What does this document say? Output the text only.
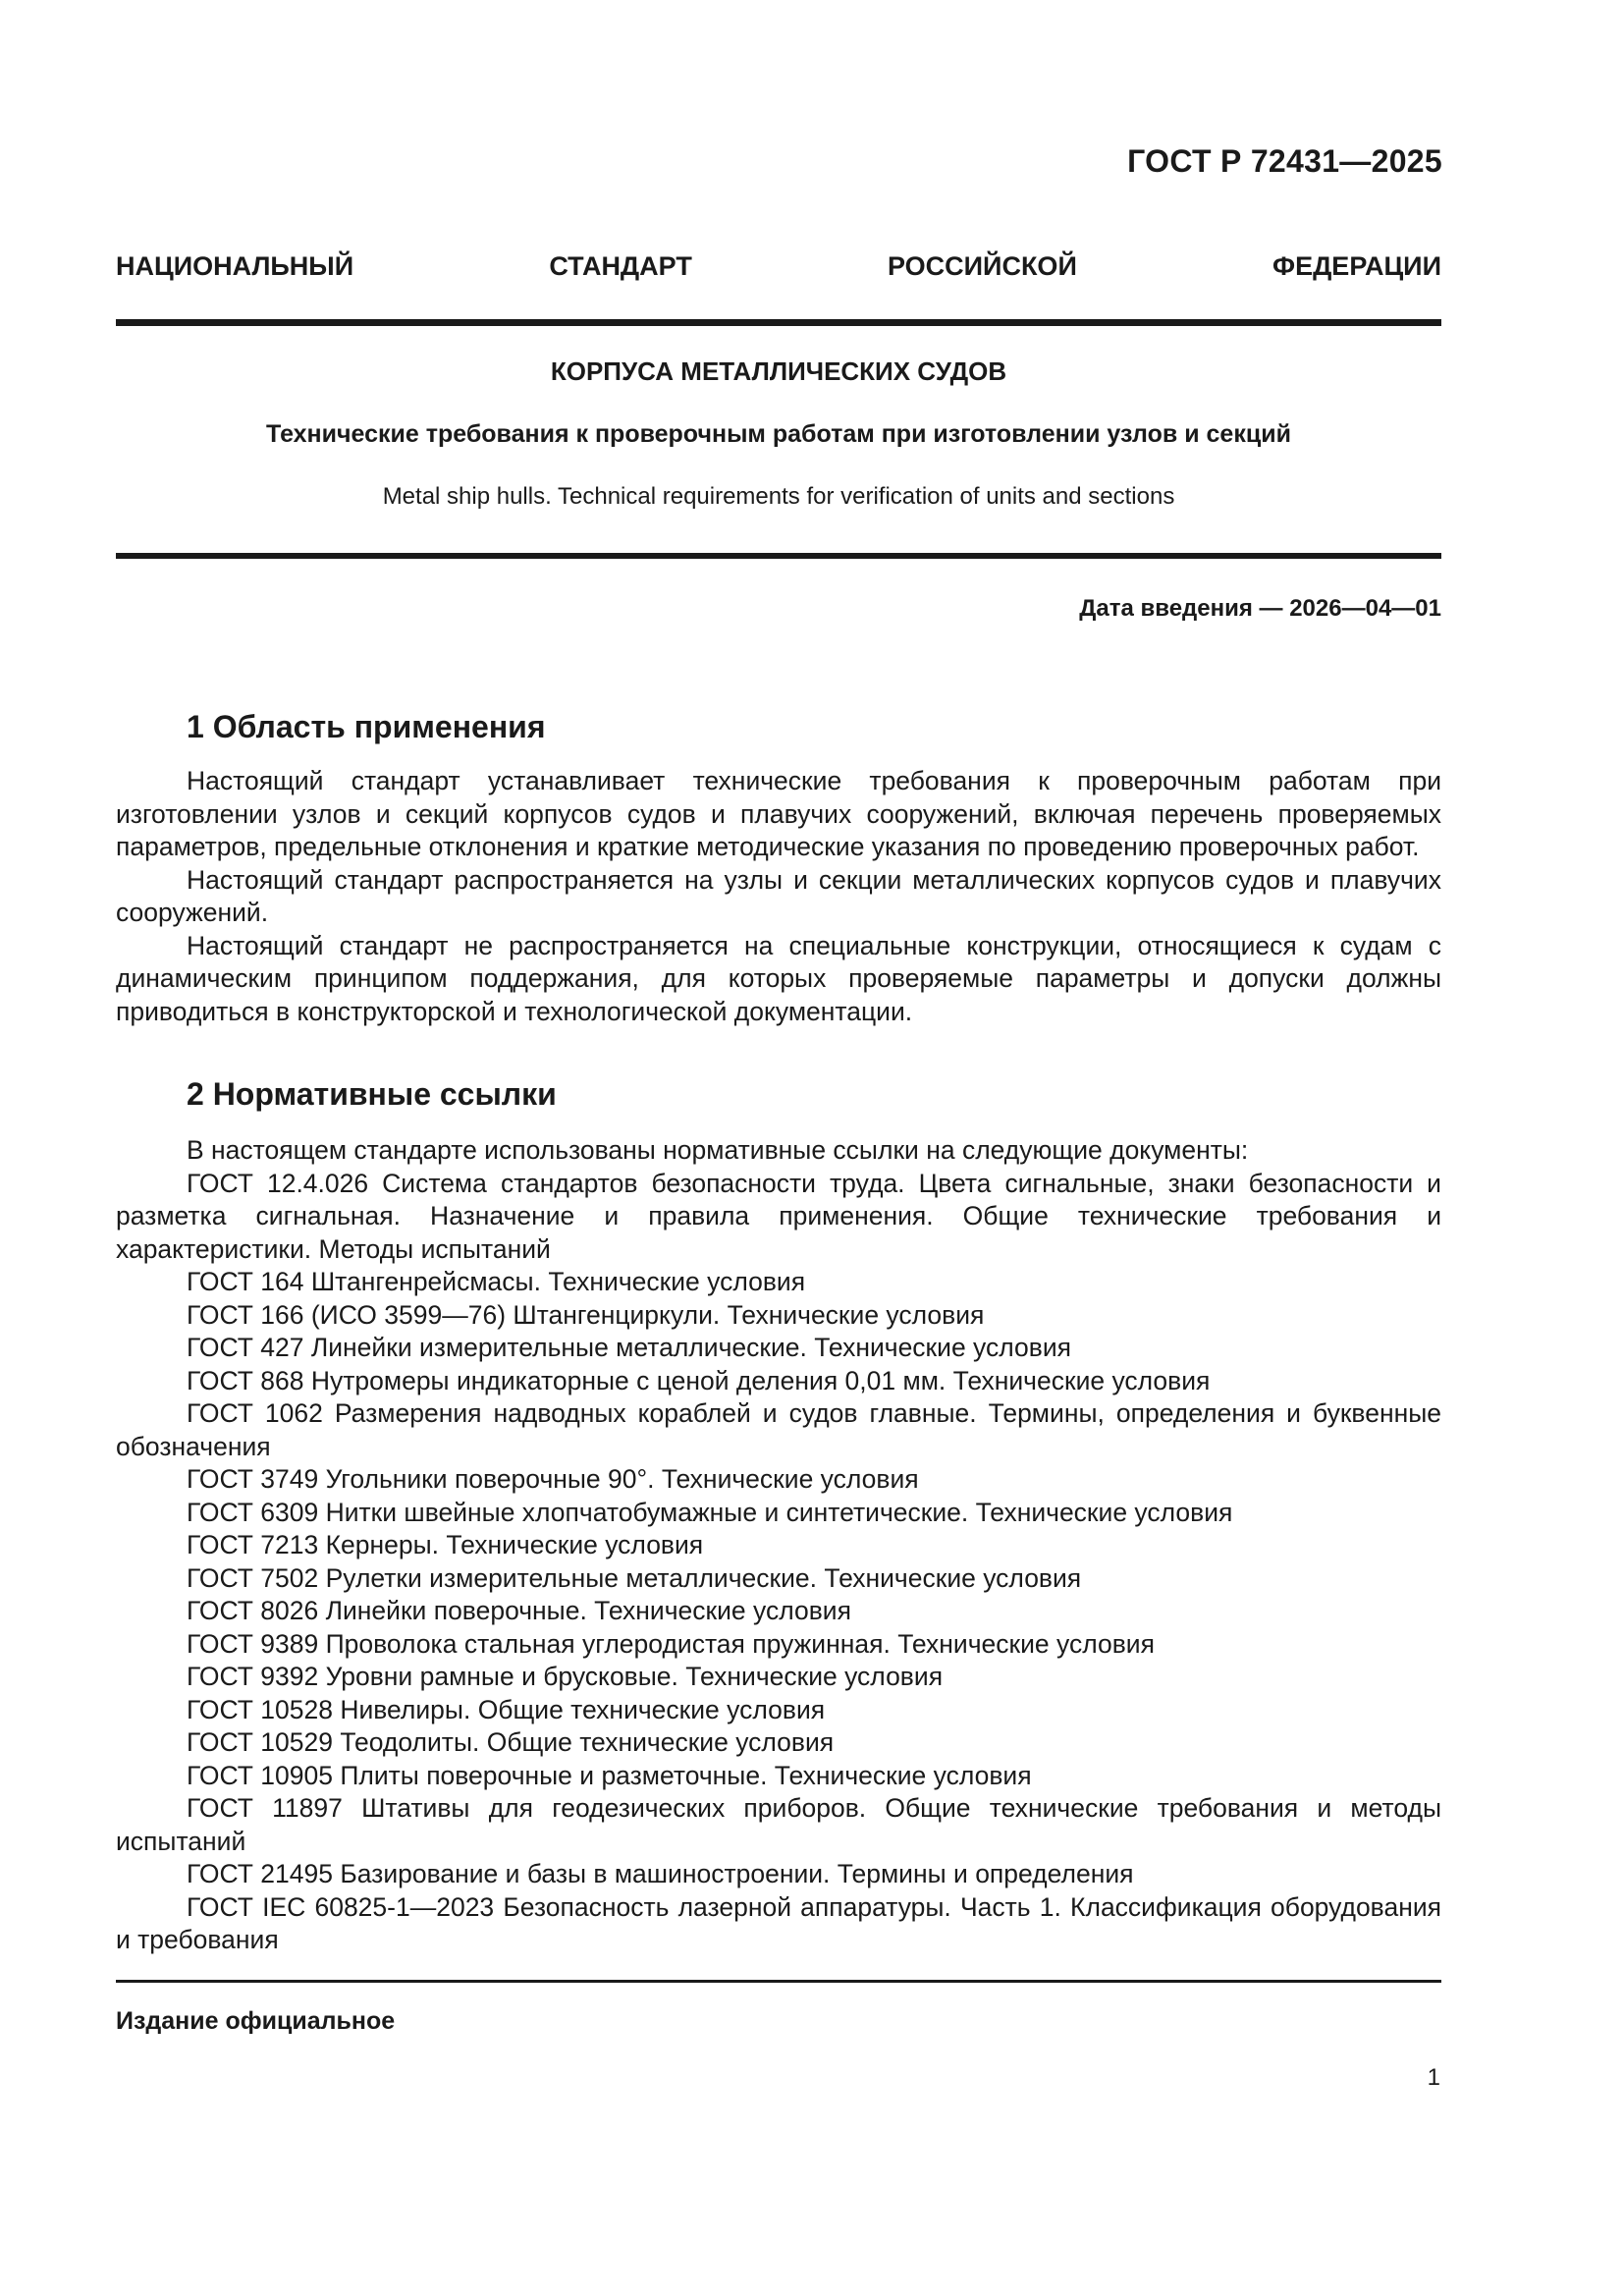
ГОСТ Р 72431—2025
НАЦИОНАЛЬНЫЙ СТАНДАРТ РОССИЙСКОЙ ФЕДЕРАЦИИ
КОРПУСА МЕТАЛЛИЧЕСКИХ СУДОВ
Технические требования к проверочным работам при изготовлении узлов и секций
Metal ship hulls. Technical requirements for verification of units and sections
Дата введения — 2026—04—01
1 Область применения

Настоящий стандарт устанавливает технические требования к проверочным работам при изготовлении узлов и секций корпусов судов и плавучих сооружений, включая перечень проверяемых параметров, предельные отклонения и краткие методические указания по проведению проверочных работ.

Настоящий стандарт распространяется на узлы и секции металлических корпусов судов и плавучих сооружений.

Настоящий стандарт не распространяется на специальные конструкции, относящиеся к судам с динамическим принципом поддержания, для которых проверяемые параметры и допуски должны приводиться в конструкторской и технологической документации.

2 Нормативные ссылки

В настоящем стандарте использованы нормативные ссылки на следующие документы:

ГОСТ 12.4.026 Система стандартов безопасности труда. Цвета сигнальные, знаки безопасности и разметка сигнальная. Назначение и правила применения. Общие технические требования и характеристики. Методы испытаний

ГОСТ 164 Штангенрейсмасы. Технические условия

ГОСТ 166 (ИСО 3599—76) Штангенциркули. Технические условия

ГОСТ 427 Линейки измерительные металлические. Технические условия

ГОСТ 868 Нутромеры индикаторные с ценой деления 0,01 мм. Технические условия

ГОСТ 1062 Размерения надводных кораблей и судов главные. Термины, определения и буквенные обозначения

ГОСТ 3749 Угольники поверочные 90°. Технические условия

ГОСТ 6309 Нитки швейные хлопчатобумажные и синтетические. Технические условия

ГОСТ 7213 Кернеры. Технические условия

ГОСТ 7502 Рулетки измерительные металлические. Технические условия

ГОСТ 8026 Линейки поверочные. Технические условия

ГОСТ 9389 Проволока стальная углеродистая пружинная. Технические условия

ГОСТ 9392 Уровни рамные и брусковые. Технические условия

ГОСТ 10528 Нивелиры. Общие технические условия

ГОСТ 10529 Теодолиты. Общие технические условия

ГОСТ 10905 Плиты поверочные и разметочные. Технические условия

ГОСТ 11897 Штативы для геодезических приборов. Общие технические требования и методы испытаний

ГОСТ 21495 Базирование и базы в машиностроении. Термины и определения

ГОСТ IEC 60825-1—2023 Безопасность лазерной аппаратуры. Часть 1. Классификация оборудования и требования

Издание официальное
1
